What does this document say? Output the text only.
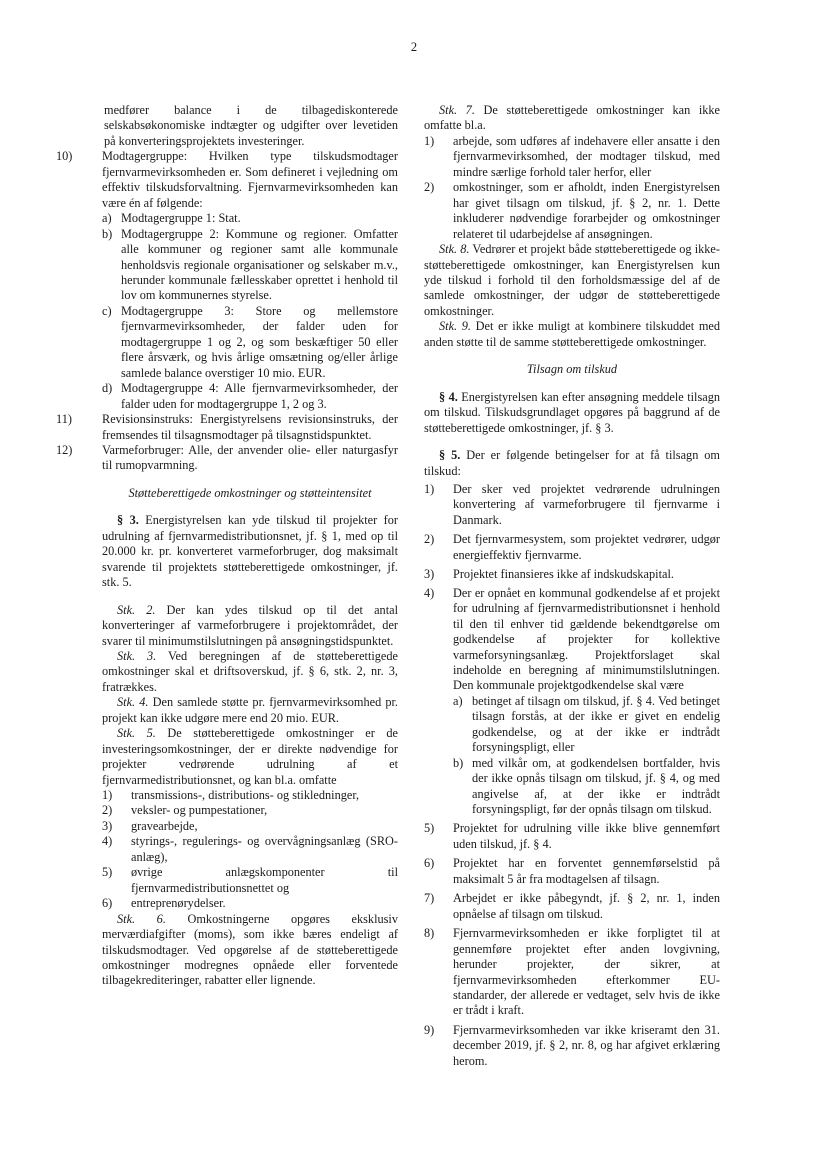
2

medfører balance i de tilbagediskonterede selskabsøkonomiske indtægter og udgifter over levetiden på konverteringsprojektets investeringer.

10) Modtagergruppe: Hvilken type tilskudsmodtager fjernvarmevirksomheden er. Som defineret i vejledning om effektiv tilskudsforvaltning. Fjernvarmevirksomheden kan være én af følgende:

a) Modtagergruppe 1: Stat.

b) Modtagergruppe 2: Kommune og regioner. Omfatter alle kommuner og regioner samt alle kommunale henholdsvis regionale organisationer og selskaber m.v., herunder kommunale fællesskaber oprettet i henhold til lov om kommunernes styrelse.

c) Modtagergruppe 3: Store og mellemstore fjernvarmevirksomheder, der falder uden for modtagergruppe 1 og 2, og som beskæftiger 50 eller flere årsværk, og hvis årlige omsætning og/eller årlige samlede balance overstiger 10 mio. EUR.

d) Modtagergruppe 4: Alle fjernvarmevirksomheder, der falder uden for modtagergruppe 1, 2 og 3.

11) Revisionsinstruks: Energistyrelsens revisionsinstruks, der fremsendes til tilsagnsmodtager på tilsagnstidspunktet.

12) Varmeforbruger: Alle, der anvender olie- eller naturgasfyr til rumopvarmning.

Støtteberettigede omkostninger og støtteintensitet

§ 3. Energistyrelsen kan yde tilskud til projekter for udrulning af fjernvarmedistributionsnet, jf. § 1, med op til 20.000 kr. pr. konverteret varmeforbruger, dog maksimalt svarende til projektets støtteberettigede omkostninger, jf. stk. 5.

Stk. 2. Der kan ydes tilskud op til det antal konverteringer af varmeforbrugere i projektområdet, der svarer til minimumstilslutningen på ansøgningstidspunktet.

Stk. 3. Ved beregningen af de støtteberettigede omkostninger skal et driftsoverskud, jf. § 6, stk. 2, nr. 3, fratrækkes.

Stk. 4. Den samlede støtte pr. fjernvarmevirksomhed pr. projekt kan ikke udgøre mere end 20 mio. EUR.

Stk. 5. De støtteberettigede omkostninger er de investeringsomkostninger, der er direkte nødvendige for projekter vedrørende udrulning af et fjernvarmedistributionsnet, og kan bl.a. omfatte

1) transmissions-, distributions- og stikledninger,

2) veksler- og pumpestationer,

3) gravearbejde,

4) styrings-, regulerings- og overvågningsanlæg (SRO-anlæg),

5) øvrige anlægskomponenter til fjernvarmedistributionsnettet og

6) entreprenørydelser.

Stk. 6. Omkostningerne opgøres eksklusiv merværdiafgifter (moms), som ikke bæres endeligt af tilskudsmodtager. Ved opgørelse af de støtteberettigede omkostninger modregnes opnåede eller forventede tilbagekrediteringer, rabatter eller lignende.

Stk. 7. De støtteberettigede omkostninger kan ikke omfatte bl.a.

1) arbejde, som udføres af indehavere eller ansatte i den fjernvarmevirksomhed, der modtager tilskud, med mindre særlige forhold taler herfor, eller

2) omkostninger, som er afholdt, inden Energistyrelsen har givet tilsagn om tilskud, jf. § 2, nr. 1. Dette inkluderer nødvendige forarbejder og omkostninger relateret til udarbejdelse af ansøgningen.

Stk. 8. Vedrører et projekt både støtteberettigede og ikke-støtteberettigede omkostninger, kan Energistyrelsen kun yde tilskud i forhold til den forholdsmæssige del af de samlede omkostninger, der udgør de støtteberettigede omkostninger.

Stk. 9. Det er ikke muligt at kombinere tilskuddet med anden støtte til de samme støtteberettigede omkostninger.

Tilsagn om tilskud

§ 4. Energistyrelsen kan efter ansøgning meddele tilsagn om tilskud. Tilskudsgrundlaget opgøres på baggrund af de støtteberettigede omkostninger, jf. § 3.

§ 5. Der er følgende betingelser for at få tilsagn om tilskud:

1) Der sker ved projektet vedrørende udrulningen konvertering af varmeforbrugere til fjernvarme i Danmark.

2) Det fjernvarmesystem, som projektet vedrører, udgør energieffektiv fjernvarme.

3) Projektet finansieres ikke af indskudskapital.

4) Der er opnået en kommunal godkendelse af et projekt for udrulning af fjernvarmedistributionsnet i henhold til den til enhver tid gældende bekendtgørelse om godkendelse af projekter for kollektive varmeforsyningsanlæg. Projektforslaget skal indeholde en beregning af minimumstilslutningen. Den kommunale projektgodkendelse skal være

a) betinget af tilsagn om tilskud, jf. § 4. Ved betinget tilsagn forstås, at der ikke er givet en endelig godkendelse, og at der ikke er indtrådt forsyningspligt, eller

b) med vilkår om, at godkendelsen bortfalder, hvis der ikke opnås tilsagn om tilskud, jf. § 4, og med angivelse af, at der ikke er indtrådt forsyningspligt, før der opnås tilsagn om tilskud.

5) Projektet for udrulning ville ikke blive gennemført uden tilskud, jf. § 4.

6) Projektet har en forventet gennemførselstid på maksimalt 5 år fra modtagelsen af tilsagn.

7) Arbejdet er ikke påbegyndt, jf. § 2, nr. 1, inden opnåelse af tilsagn om tilskud.

8) Fjernvarmevirksomheden er ikke forpligtet til at gennemføre projektet efter anden lovgivning, herunder projekter, der sikrer, at fjernvarmevirksomheden efterkommer EU-standarder, der allerede er vedtaget, selv hvis de ikke er trådt i kraft.

9) Fjernvarmevirksomheden var ikke kriseramt den 31. december 2019, jf. § 2, nr. 8, og har afgivet erklæring herom.
